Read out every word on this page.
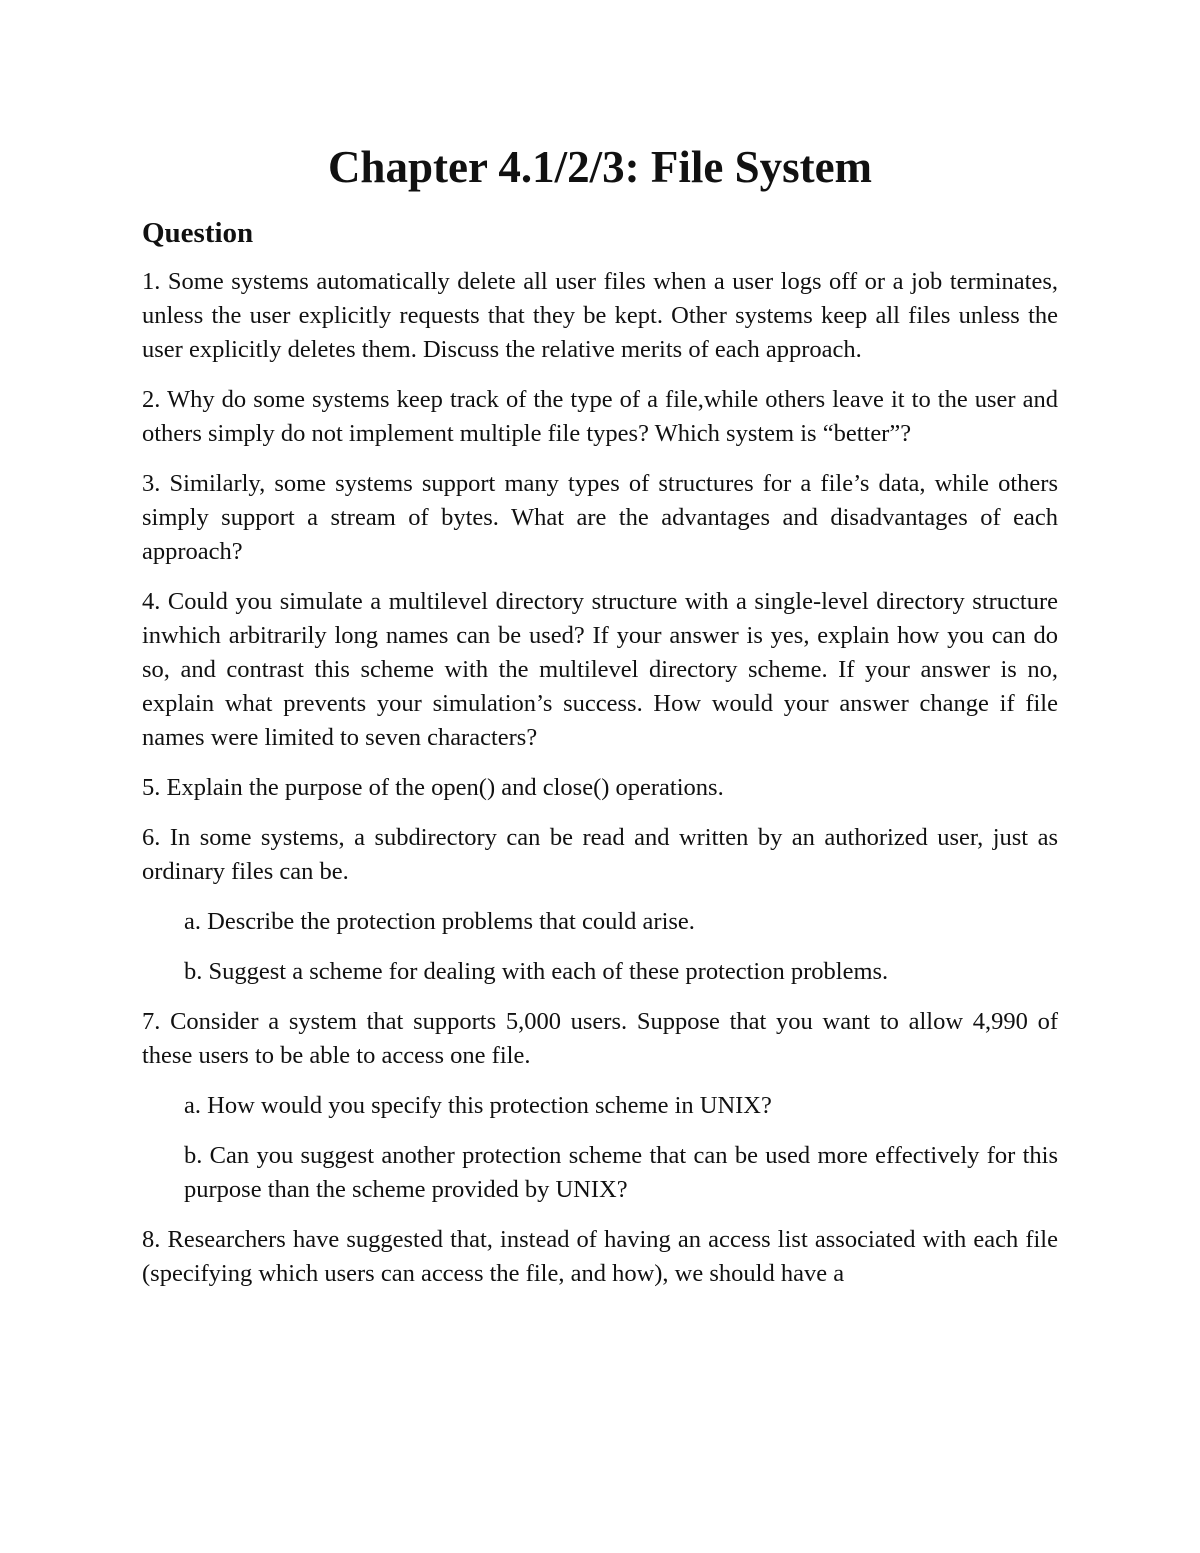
Chapter 4.1/2/3: File System
Question

1. Some systems automatically delete all user files when a user logs off or a job terminates, unless the user explicitly requests that they be kept. Other systems keep all files unless the user explicitly deletes them. Discuss the relative merits of each approach.

2. Why do some systems keep track of the type of a file,while others leave it to the user and others simply do not implement multiple file types? Which system is “better”?

3. Similarly, some systems support many types of structures for a file’s data, while others simply support a stream of bytes. What are the advantages and disadvantages of each approach?

4. Could you simulate a multilevel directory structure with a single-level directory structure inwhich arbitrarily long names can be used? If your answer is yes, explain how you can do so, and contrast this scheme with the multilevel directory scheme. If your answer is no, explain what prevents your simulation’s success. How would your answer change if file names were limited to seven characters?

5. Explain the purpose of the open() and close() operations.

6. In some systems, a subdirectory can be read and written by an authorized user, just as ordinary files can be.

a. Describe the protection problems that could arise.

b. Suggest a scheme for dealing with each of these protection problems.

7. Consider a system that supports 5,000 users. Suppose that you want to allow 4,990 of these users to be able to access one file.

a. How would you specify this protection scheme in UNIX?

b. Can you suggest another protection scheme that can be used more effectively for this purpose than the scheme provided by UNIX?

8. Researchers have suggested that, instead of having an access list associated with each file (specifying which users can access the file, and how), we should have a
